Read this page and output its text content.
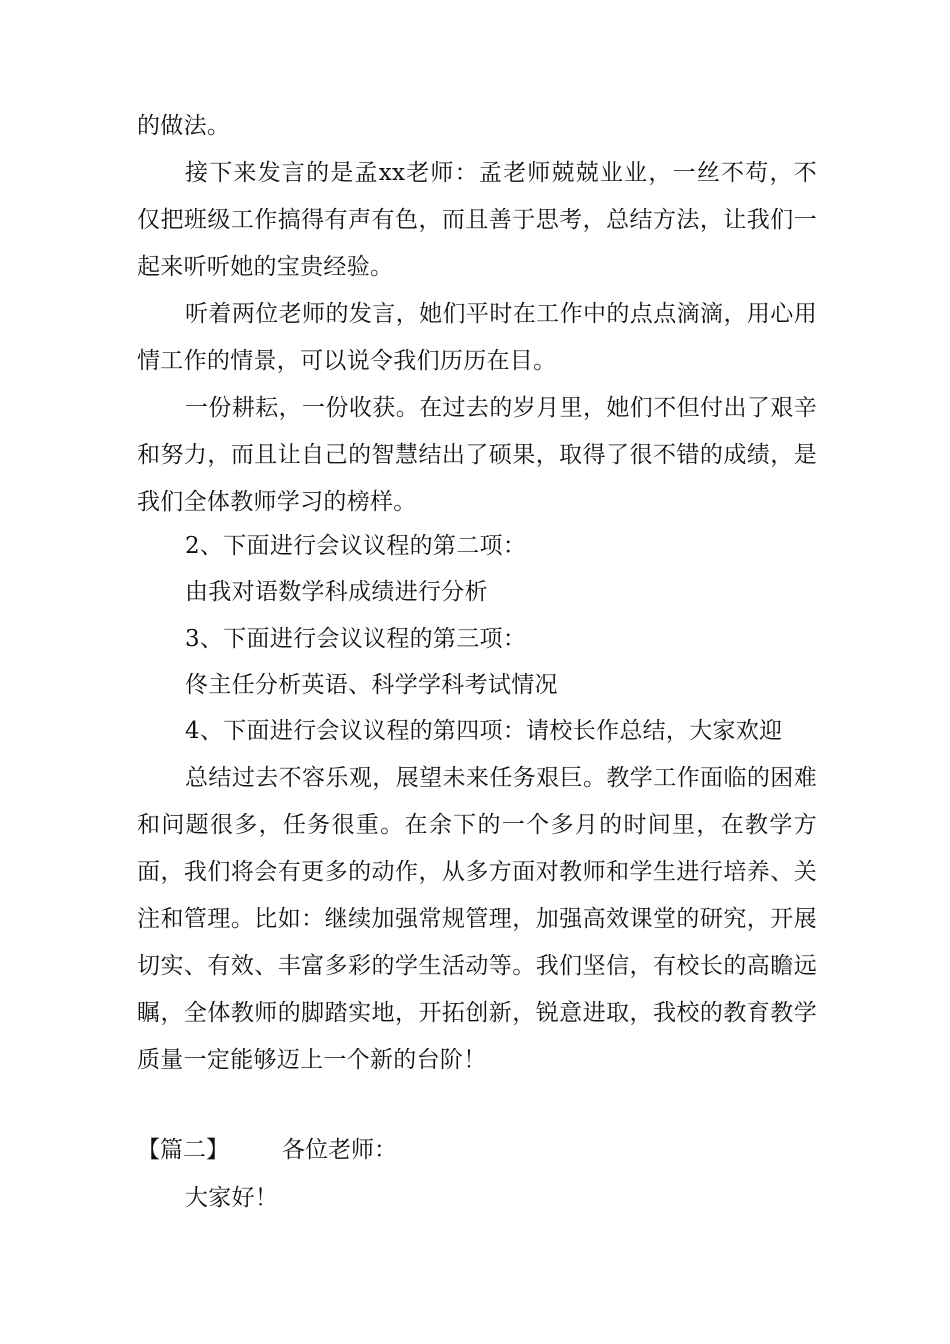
的做法。

接下来发言的是孟xx老师：孟老师兢兢业业，一丝不苟，不仅把班级工作搞得有声有色，而且善于思考，总结方法，让我们一起来听听她的宝贵经验。

听着两位老师的发言，她们平时在工作中的点点滴滴，用心用情工作的情景，可以说令我们历历在目。

一份耕耘，一份收获。在过去的岁月里，她们不但付出了艰辛和努力，而且让自己的智慧结出了硕果，取得了很不错的成绩，是我们全体教师学习的榜样。

2、下面进行会议议程的第二项：

由我对语数学科成绩进行分析

3、下面进行会议议程的第三项：

佟主任分析英语、科学学科考试情况

4、下面进行会议议程的第四项：请校长作总结，大家欢迎

总结过去不容乐观，展望未来任务艰巨。教学工作面临的困难和问题很多，任务很重。在余下的一个多月的时间里，在教学方面，我们将会有更多的动作，从多方面对教师和学生进行培养、关注和管理。比如：继续加强常规管理，加强高效课堂的研究，开展切实、有效、丰富多彩的学生活动等。我们坚信，有校长的高瞻远瞩，全体教师的脚踏实地，开拓创新，锐意进取，我校的教育教学质量一定能够迈上一个新的台阶！

【篇二】 各位老师：

大家好！
